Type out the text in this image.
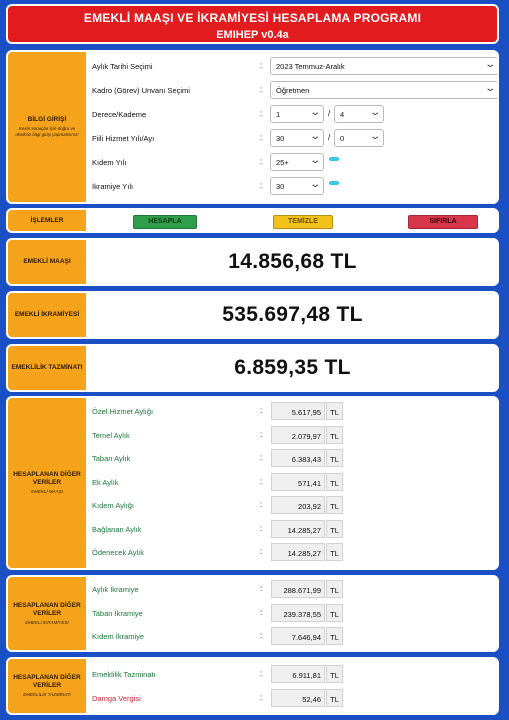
EMEKLİ MAAŞI VE İKRAMİYESİ HESAPLAMA PROGRAMI
EMIHEP v0.4a
BİLGİ GİRİŞİ
Kesin sonuçlar için doğru ve eksiksiz bilgi girişi yapmalısınız!
Aylık Tarihi Seçimi	:	2023 Temmuz-Aralık	⌄
Kadro (Görev) Unvanı Seçimi	:	Öğretmen	⌄
Derece/Kademe	:	1	⌄ /	4 ⌄
Fiili Hizmet Yılı/Ayı	:	30 ⌄ /	0 ⌄
Kıdem Yılı	:	25+ ⌄
İkramiye Yılı	:	30 ⌄
İŞLEMLER	HESAPLA	TEMİZLE	SIFIRLA
EMEKLİ MAAŞI	14.856,68 TL
EMEKLİ İKRAMİYESİ	535.697,48 TL
EMEKLİLİK TAZMİNATI	6.859,35 TL
HESAPLANAN DİĞER VERİLER
EMEKLİ MAAŞI
Özel Hizmet Aylığı	:	5.617,95	TL
Temel Aylık	:	2.079,97	TL
Taban Aylık	:	6.383,43	TL
Ek Aylık	:	571,41	TL
Kıdem Aylığı	:	203,92	TL
Bağlanan Aylık	:	14.285,27	TL
Ödenecek Aylık	:	14.285,27	TL
HESAPLANAN DİĞER VERİLER
EMEKLİ İKRAMİYESİ
Aylık İkramiye	:	288.671,99	TL
Taban İkramiye	:	239.378,55	TL
Kıdem İkramiye	:	7.646,94	TL
HESAPLANAN DİĞER VERİLER
EMEKLİLİK TAZMİNATI
Emeklilik Tazminatı	:	6.911,81	TL
Damga Vergisi	:	52,46	TL
